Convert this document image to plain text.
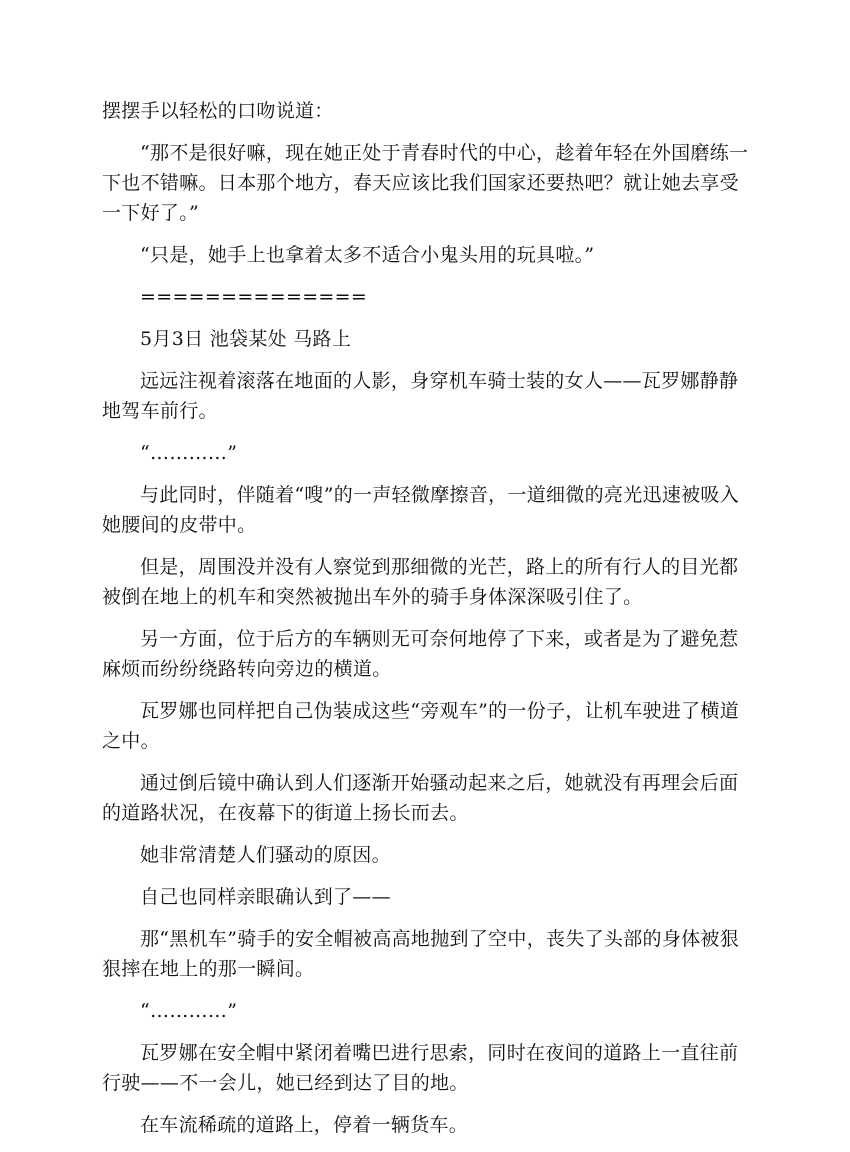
摆摆手以轻松的口吻说道：

“那不是很好嘛，现在她正处于青春时代的中心，趁着年轻在外国磨练一下也不错嘛。日本那个地方，春天应该比我们国家还要热吧？就让她去享受一下好了。”

“只是，她手上也拿着太多不适合小鬼头用的玩具啦。”

==============

5月3日 池袋某处 马路上

远远注视着滚落在地面的人影，身穿机车骑士装的女人——瓦罗娜静静地驾车前行。

“…………”

与此同时，伴随着“嗖”的一声轻微摩擦音，一道细微的亮光迅速被吸入她腰间的皮带中。

但是，周围没并没有人察觉到那细微的光芒，路上的所有行人的目光都被倒在地上的机车和突然被抛出车外的骑手身体深深吸引住了。

另一方面，位于后方的车辆则无可奈何地停了下来，或者是为了避免惹麻烦而纷纷绕路转向旁边的横道。

瓦罗娜也同样把自己伪装成这些“旁观车”的一份子，让机车驶进了横道之中。

通过倒后镜中确认到人们逐渐开始骚动起来之后，她就没有再理会后面的道路状况，在夜幕下的街道上扬长而去。

她非常清楚人们骚动的原因。

自己也同样亲眼确认到了——

那“黑机车”骑手的安全帽被高高地抛到了空中，丧失了头部的身体被狠狠摔在地上的那一瞬间。

“…………”

瓦罗娜在安全帽中紧闭着嘴巴进行思索，同时在夜间的道路上一直往前行驶——不一会儿，她已经到达了目的地。

在车流稀疏的道路上，停着一辆货车。
